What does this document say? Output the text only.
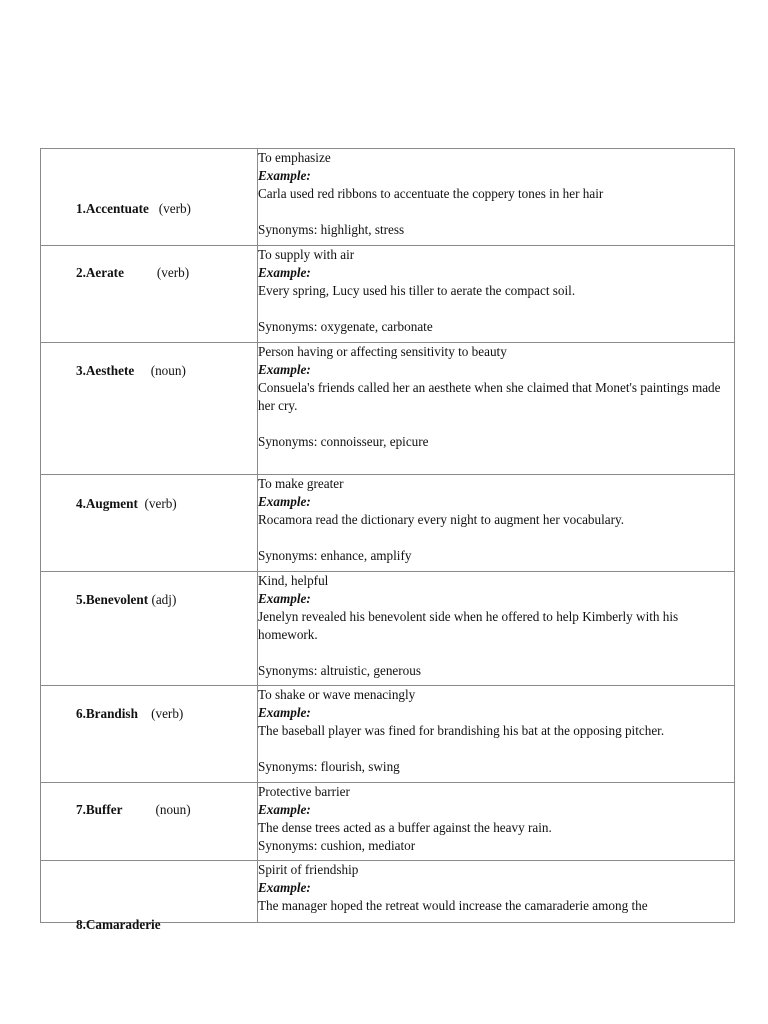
1.Accentuate   (verb)	To emphasize
Example:
Carla used red ribbons to accentuate the coppery tones in her hair
Synonyms: highlight, stress

2.Aerate          (verb)	To supply with air
Example:
Every spring, Lucy used his tiller to aerate the compact soil.
Synonyms: oxygenate, carbonate

3.Aesthete     (noun)	Person having or affecting sensitivity to beauty
Example:
Consuela's friends called her an aesthete when she claimed that Monet's paintings made her cry.
Synonyms: connoisseur, epicure

4.Augment  (verb)	To make greater
Example:
Rocamora read the dictionary every night to augment her vocabulary.
Synonyms: enhance, amplify

5.Benevolent (adj)	Kind, helpful
Example:
Jenelyn revealed his benevolent side when he offered to help Kimberly with his homework.
Synonyms: altruistic, generous

6.Brandish    (verb)	To shake or wave menacingly
Example:
The baseball player was fined for brandishing his bat at the opposing pitcher.
Synonyms: flourish, swing

7.Buffer          (noun)	Protective barrier
Example:
The dense trees acted as a buffer against the heavy rain.
Synonyms: cushion, mediator

8.Camaraderie	Spirit of friendship
Example:
The manager hoped the retreat would increase the camaraderie among the
